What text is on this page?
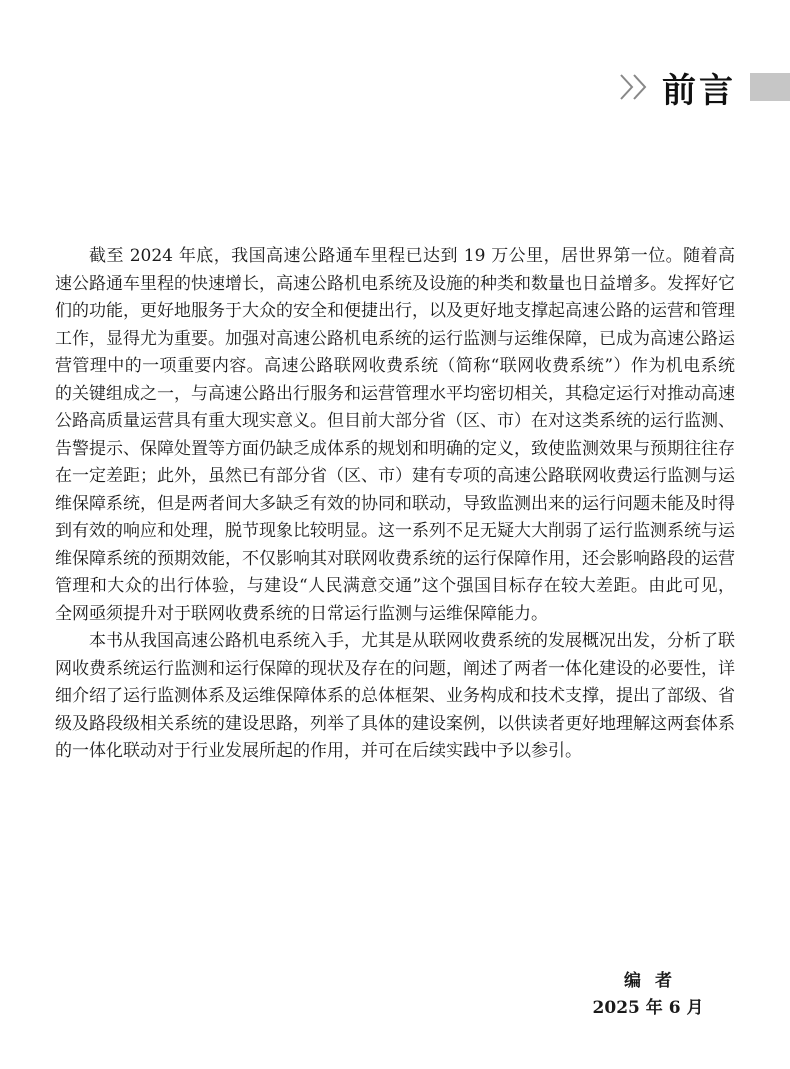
前言

截至 2024 年底，我国高速公路通车里程已达到 19 万公里，居世界第一位。随着高速公路通车里程的快速增长，高速公路机电系统及设施的种类和数量也日益增多。发挥好它们的功能，更好地服务于大众的安全和便捷出行，以及更好地支撑起高速公路的运营和管理工作，显得尤为重要。加强对高速公路机电系统的运行监测与运维保障，已成为高速公路运营管理中的一项重要内容。高速公路联网收费系统（简称“联网收费系统”）作为机电系统的关键组成之一，与高速公路出行服务和运营管理水平均密切相关，其稳定运行对推动高速公路高质量运营具有重大现实意义。但目前大部分省（区、市）在对这类系统的运行监测、告警提示、保障处置等方面仍缺乏成体系的规划和明确的定义，致使监测效果与预期往往存在一定差距；此外，虽然已有部分省（区、市）建有专项的高速公路联网收费运行监测与运维保障系统，但是两者间大多缺乏有效的协同和联动，导致监测出来的运行问题未能及时得到有效的响应和处理，脱节现象比较明显。这一系列不足无疑大大削弱了运行监测系统与运维保障系统的预期效能，不仅影响其对联网收费系统的运行保障作用，还会影响路段的运营管理和大众的出行体验，与建设“人民满意交通”这个强国目标存在较大差距。由此可见，全网亟须提升对于联网收费系统的日常运行监测与运维保障能力。

本书从我国高速公路机电系统入手，尤其是从联网收费系统的发展概况出发，分析了联网收费系统运行监测和运行保障的现状及存在的问题，阐述了两者一体化建设的必要性，详细介绍了运行监测体系及运维保障体系的总体框架、业务构成和技术支撑，提出了部级、省级及路段级相关系统的建设思路，列举了具体的建设案例，以供读者更好地理解这两套体系的一体化联动对于行业发展所起的作用，并可在后续实践中予以参引。

编者
2025 年 6 月
